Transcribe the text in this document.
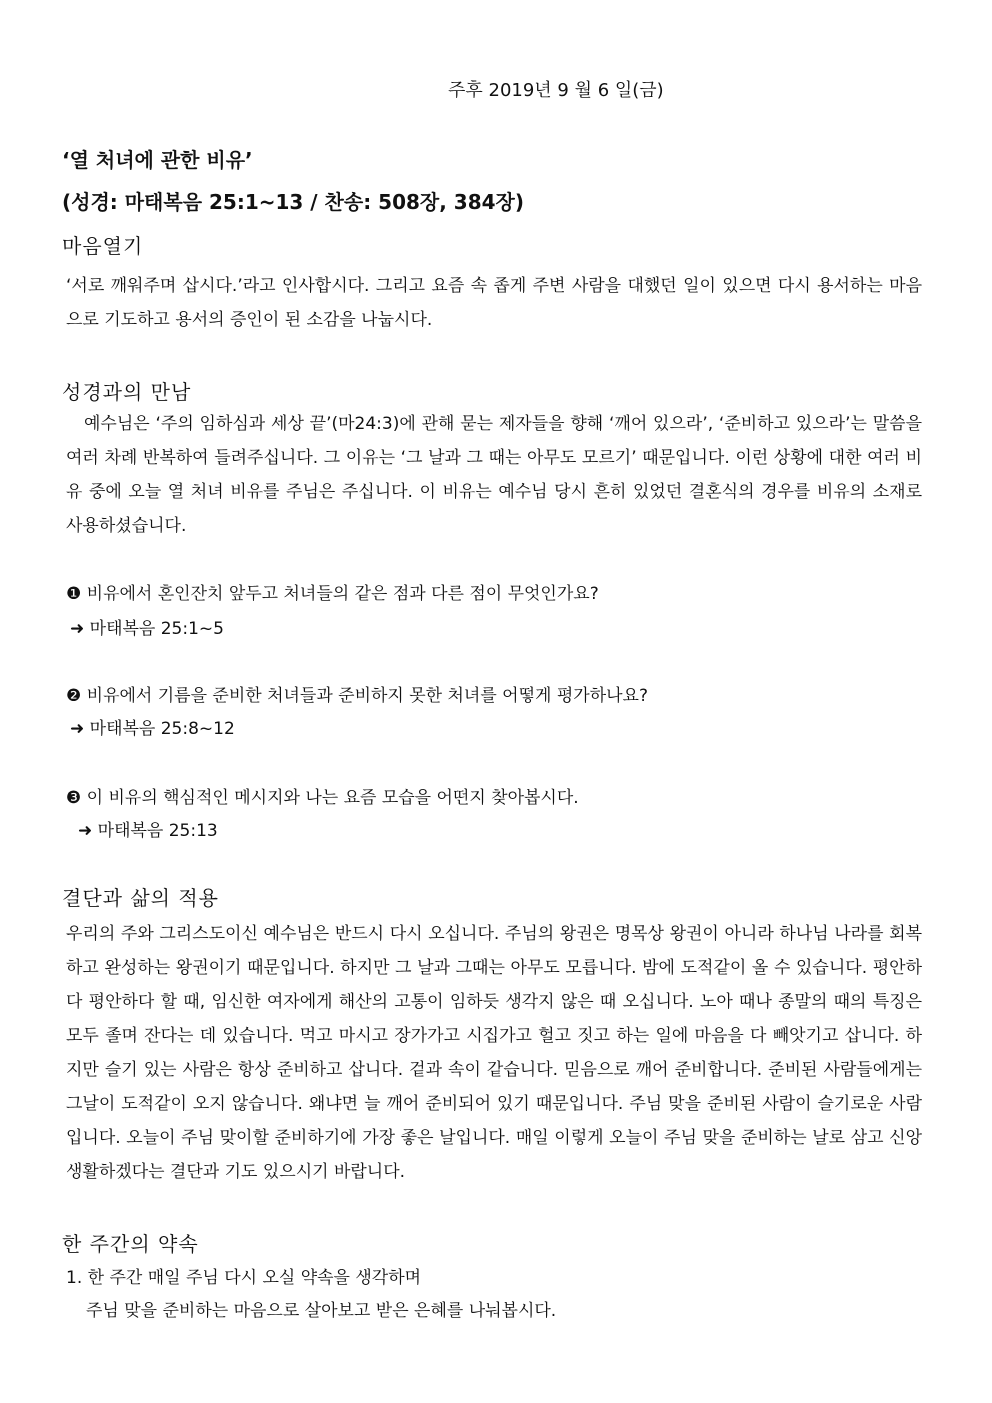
주후 2019년 9 월 6 일(금)
‘열 처녀에 관한 비유’
(성경: 마태복음 25:1~13 / 찬송: 508장, 384장)
마음열기

‘서로 깨워주며 삽시다.’라고 인사합시다. 그리고 요즘 속 좁게 주변 사람을 대했던 일이 있으면 다시 용서하는 마음으로 기도하고 용서의 증인이 된 소감을 나눕시다.

성경과의 만남

예수님은 ‘주의 임하심과 세상 끝’(마24:3)에 관해 묻는 제자들을 향해 ‘깨어 있으라’, ‘준비하고 있으라’는 말씀을 여러 차례 반복하여 들려주십니다. 그 이유는 ‘그 날과 그 때는 아무도 모르기’ 때문입니다. 이런 상황에 대한 여러 비유 중에 오늘 열 처녀 비유를 주님은 주십니다. 이 비유는 예수님 당시 흔히 있었던 결혼식의 경우를 비유의 소재로 사용하셨습니다.

❶ 비유에서 혼인잔치 앞두고 처녀들의 같은 점과 다른 점이 무엇인가요?
➜ 마태복음 25:1~5
❷ 비유에서 기름을 준비한 처녀들과 준비하지 못한 처녀를 어떻게 평가하나요?
➜ 마태복음 25:8~12
❸ 이 비유의 핵심적인 메시지와 나는 요즘 모습을 어떤지 찾아봅시다.
➜ 마태복음 25:13
결단과 삶의 적용

우리의 주와 그리스도이신 예수님은 반드시 다시 오십니다. 주님의 왕권은 명목상 왕권이 아니라 하나님 나라를 회복하고 완성하는 왕권이기 때문입니다. 하지만 그 날과 그때는 아무도 모릅니다. 밤에 도적같이 올 수 있습니다. 평안하다 평안하다 할 때, 임신한 여자에게 해산의 고통이 임하듯 생각지 않은 때 오십니다. 노아 때나 종말의 때의 특징은 모두 졸며 잔다는 데 있습니다. 먹고 마시고 장가가고 시집가고 헐고 짓고 하는 일에 마음을 다 빼앗기고 삽니다. 하지만 슬기 있는 사람은 항상 준비하고 삽니다. 겉과 속이 같습니다. 믿음으로 깨어 준비합니다. 준비된 사람들에게는 그날이 도적같이 오지 않습니다. 왜냐면 늘 깨어 준비되어 있기 때문입니다. 주님 맞을 준비된 사람이 슬기로운 사람입니다. 오늘이 주님 맞이할 준비하기에 가장 좋은 날입니다. 매일 이렇게 오늘이 주님 맞을 준비하는 날로 삼고 신앙 생활하겠다는 결단과 기도 있으시기 바랍니다.

한 주간의 약속
1. 한 주간 매일 주님 다시 오실 약속을 생각하며
주님 맞을 준비하는 마음으로 살아보고 받은 은혜를 나눠봅시다.
